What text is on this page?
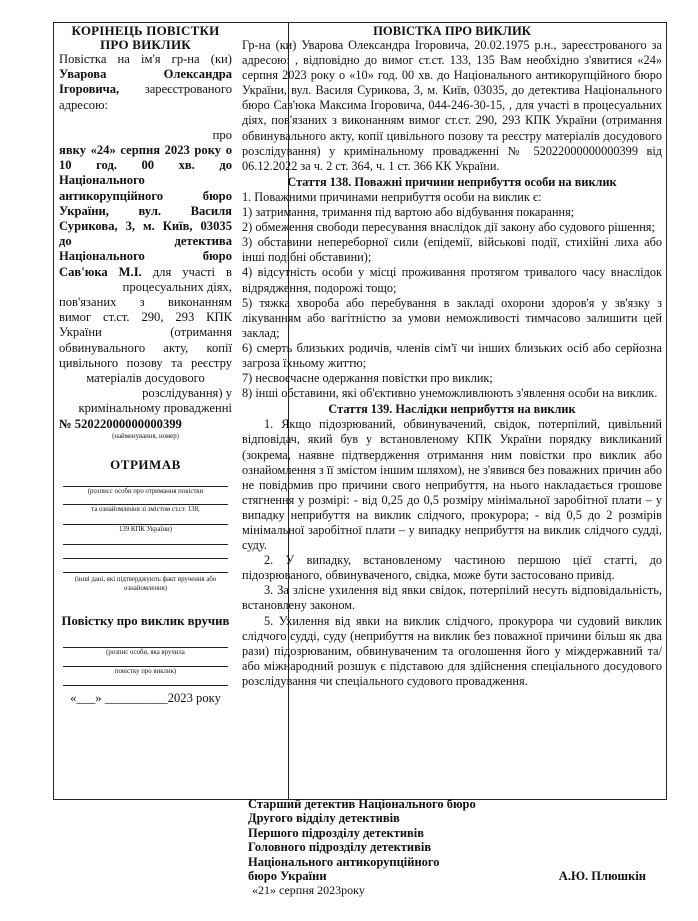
КОРІНЕЦЬ ПОВІСТКИ ПРО ВИКЛИК
Повістка на ім'я гр-на (ки)
Уварова Олександра
Ігоровича, зареєстрованого
адресою:
про
явку «24» серпня 2023 року о
10 год. 00 хв. до
Національного
антикорупційного бюро
України, вул. Василя
Сурикова, 3, м. Київ, 03035
до детектива
Національного бюро
Сав'юка М.І. для участі в
процесуальних діях,
пов'язаних з виконанням
вимог ст.ст. 290, 293 КПК
України (отримання
обвинувального акту, копії
цивільного позову та реєстру
матеріалів досудового
розслідування) у
кримінальному провадженні
№ 52022000000000399
(найменування, номер)
ОТРИМАВ
(розписс особи про отримання повістки
та ознайомлення зі змістом ст.ст. 138,
139 КПК України)
(інші дані, які підтверджують факт вручення або
ознайомлення)
Повістку про виклик вручив
(розпис особи, яка вручила
повістку про виклик)
«___» __________2023 року
ПОВІСТКА ПРО ВИКЛИК

Гр-на (ки) Уварова Олександра Ігоровича, 20.02.1975 р.н., зареєстрованого за адресою: , відповідно до вимог ст.ст. 133, 135 Вам необхідно з'явитися «24» серпня 2023 року о «10» год. 00 хв. до Національного антикорупційного бюро України, вул. Василя Сурикова, 3, м. Київ, 03035, до детектива Національного бюро Сав'юка Максима Ігоровича, 044-246-30-15, , для участі в процесуальних діях, пов'язаних з виконанням вимог ст.ст. 290, 293 КПК України (отримання обвинувального акту, копії цивільного позову та реєстру матеріалів досудового розслідування) у кримінальному провадженні № 52022000000000399 від 06.12.2022 за ч. 2 ст. 364, ч. 1 ст. 366 КК України.

Стаття 138. Поважні причини неприбуття особи на виклик
1. Поважними причинами неприбуття особи на виклик є:
1) затримання, тримання під вартою або відбування покарання;
2) обмеження свободи пересування внаслідок дії закону або судового рішення;
3) обставини непереборної сили (епідемії, військові події, стихійні лиха або інші подібні обставини);
4) відсутність особи у місці проживання протягом тривалого часу внаслідок відрядження, подорожі тощо;
5) тяжка хвороба або перебування в закладі охорони здоров'я у зв'язку з лікуванням або вагітністю за умови неможливості тимчасово залишити цей заклад;
6) смерть близьких родичів, членів сім'ї чи інших близьких осіб або серйозна загроза їхньому життю;
7) несвоєчасне одержання повістки про виклик;
8) інші обставини, які об'єктивно унеможливлюють з'явлення особи на виклик.
Стаття 139. Наслідки неприбуття на виклик
1. Якщо підозрюваний, обвинувачений, свідок, потерпілий, цивільний відповідач, який був у встановленому КПК України порядку викликаний (зокрема, наявне підтвердження отримання ним повістки про виклик або ознайомлення з її змістом іншим шляхом), не з'явився без поважних причин або не повідомив про причини свого неприбуття, на нього накладається грошове стягнення у розмірі: - від 0,25 до 0,5 розміру мінімальної заробітної плати – у випадку неприбуття на виклик слідчого, прокурора; - від 0,5 до 2 розмірів мінімальної заробітної плати – у випадку неприбуття на виклик слідчого судді, суду.
2. У випадку, встановленому частиною першою цієї статті, до підозрюваного, обвинуваченого, свідка, може бути застосовано привід.
3. За злісне ухилення від явки свідок, потерпілий несуть відповідальність, встановлену законом.
5. Ухилення від явки на виклик слідчого, прокурора чи судовий виклик слідчого судді, суду (неприбуття на виклик без поважної причини більш як два рази) підозрюваним, обвинуваченим та оголошення його у міждержавний та/або міжнародний розшук є підставою для здійснення спеціального досудового розслідування чи спеціального судового провадження.
Старший детектив Національного бюро
Другого відділу детективів
Першого підрозділу детективів
Головного підрозділу детективів
Національного антикорупційного
бюро України	А.Ю. Плюшкін
«21» серпня 2023року
